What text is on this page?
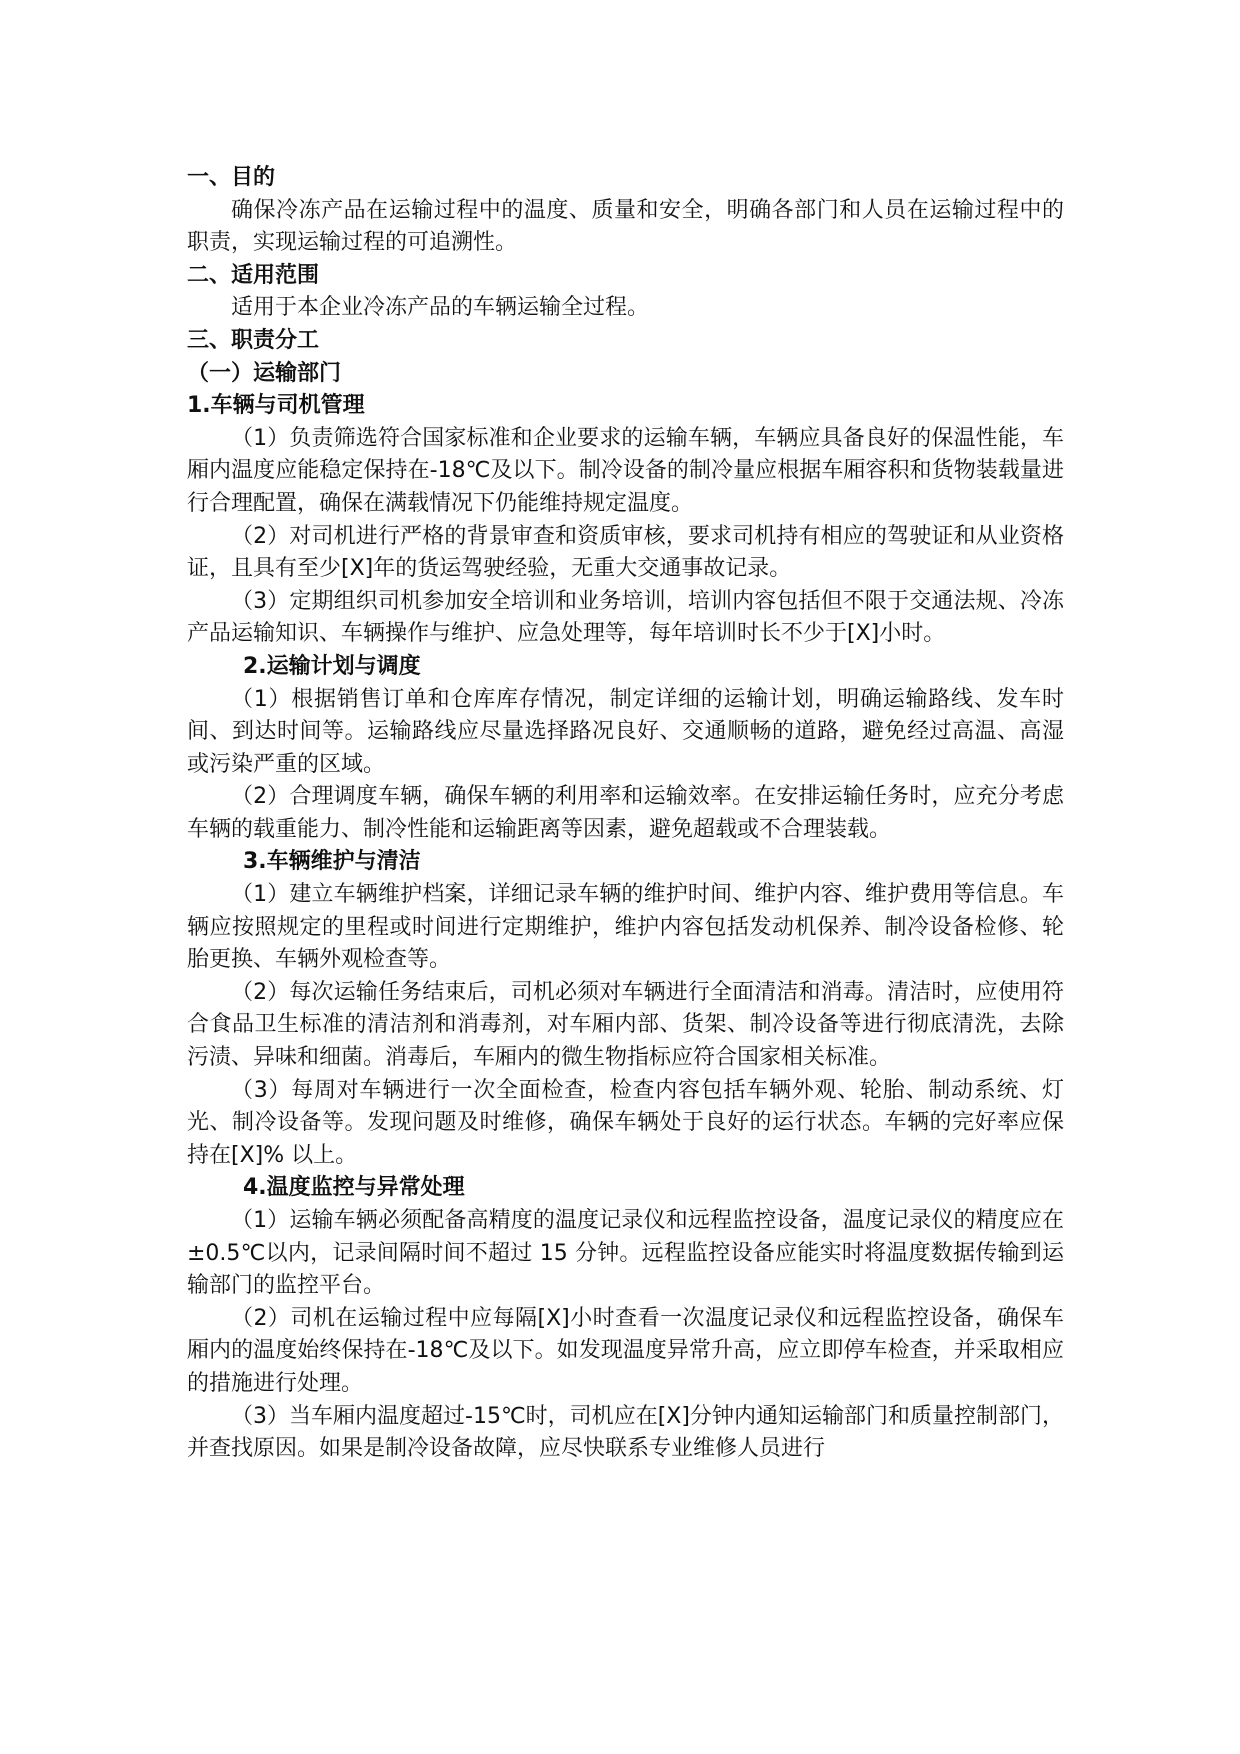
一、目的
确保冷冻产品在运输过程中的温度、质量和安全，明确各部门和人员在运输过程中的职责，实现运输过程的可追溯性。
二、适用范围
适用于本企业冷冻产品的车辆运输全过程。
三、职责分工
（一）运输部门
1.车辆与司机管理
（1）负责筛选符合国家标准和企业要求的运输车辆，车辆应具备良好的保温性能，车厢内温度应能稳定保持在-18℃及以下。制冷设备的制冷量应根据车厢容积和货物装载量进行合理配置，确保在满载情况下仍能维持规定温度。
（2）对司机进行严格的背景审查和资质审核，要求司机持有相应的驾驶证和从业资格证，且具有至少[X]年的货运驾驶经验，无重大交通事故记录。
（3）定期组织司机参加安全培训和业务培训，培训内容包括但不限于交通法规、冷冻产品运输知识、车辆操作与维护、应急处理等，每年培训时长不少于[X]小时。
2.运输计划与调度
（1）根据销售订单和仓库库存情况，制定详细的运输计划，明确运输路线、发车时间、到达时间等。运输路线应尽量选择路况良好、交通顺畅的道路，避免经过高温、高湿或污染严重的区域。
（2）合理调度车辆，确保车辆的利用率和运输效率。在安排运输任务时，应充分考虑车辆的载重能力、制冷性能和运输距离等因素，避免超载或不合理装载。
3.车辆维护与清洁
（1）建立车辆维护档案，详细记录车辆的维护时间、维护内容、维护费用等信息。车辆应按照规定的里程或时间进行定期维护，维护内容包括发动机保养、制冷设备检修、轮胎更换、车辆外观检查等。
（2）每次运输任务结束后，司机必须对车辆进行全面清洁和消毒。清洁时，应使用符合食品卫生标准的清洁剂和消毒剂，对车厢内部、货架、制冷设备等进行彻底清洗，去除污渍、异味和细菌。消毒后，车厢内的微生物指标应符合国家相关标准。
（3）每周对车辆进行一次全面检查，检查内容包括车辆外观、轮胎、制动系统、灯光、制冷设备等。发现问题及时维修，确保车辆处于良好的运行状态。车辆的完好率应保持在[X]% 以上。
4.温度监控与异常处理
（1）运输车辆必须配备高精度的温度记录仪和远程监控设备，温度记录仪的精度应在±0.5℃以内，记录间隔时间不超过 15 分钟。远程监控设备应能实时将温度数据传输到运输部门的监控平台。
（2）司机在运输过程中应每隔[X]小时查看一次温度记录仪和远程监控设备，确保车厢内的温度始终保持在-18℃及以下。如发现温度异常升高，应立即停车检查，并采取相应的措施进行处理。
（3）当车厢内温度超过-15℃时，司机应在[X]分钟内通知运输部门和质量控制部门，并查找原因。如果是制冷设备故障，应尽快联系专业维修人员进行
